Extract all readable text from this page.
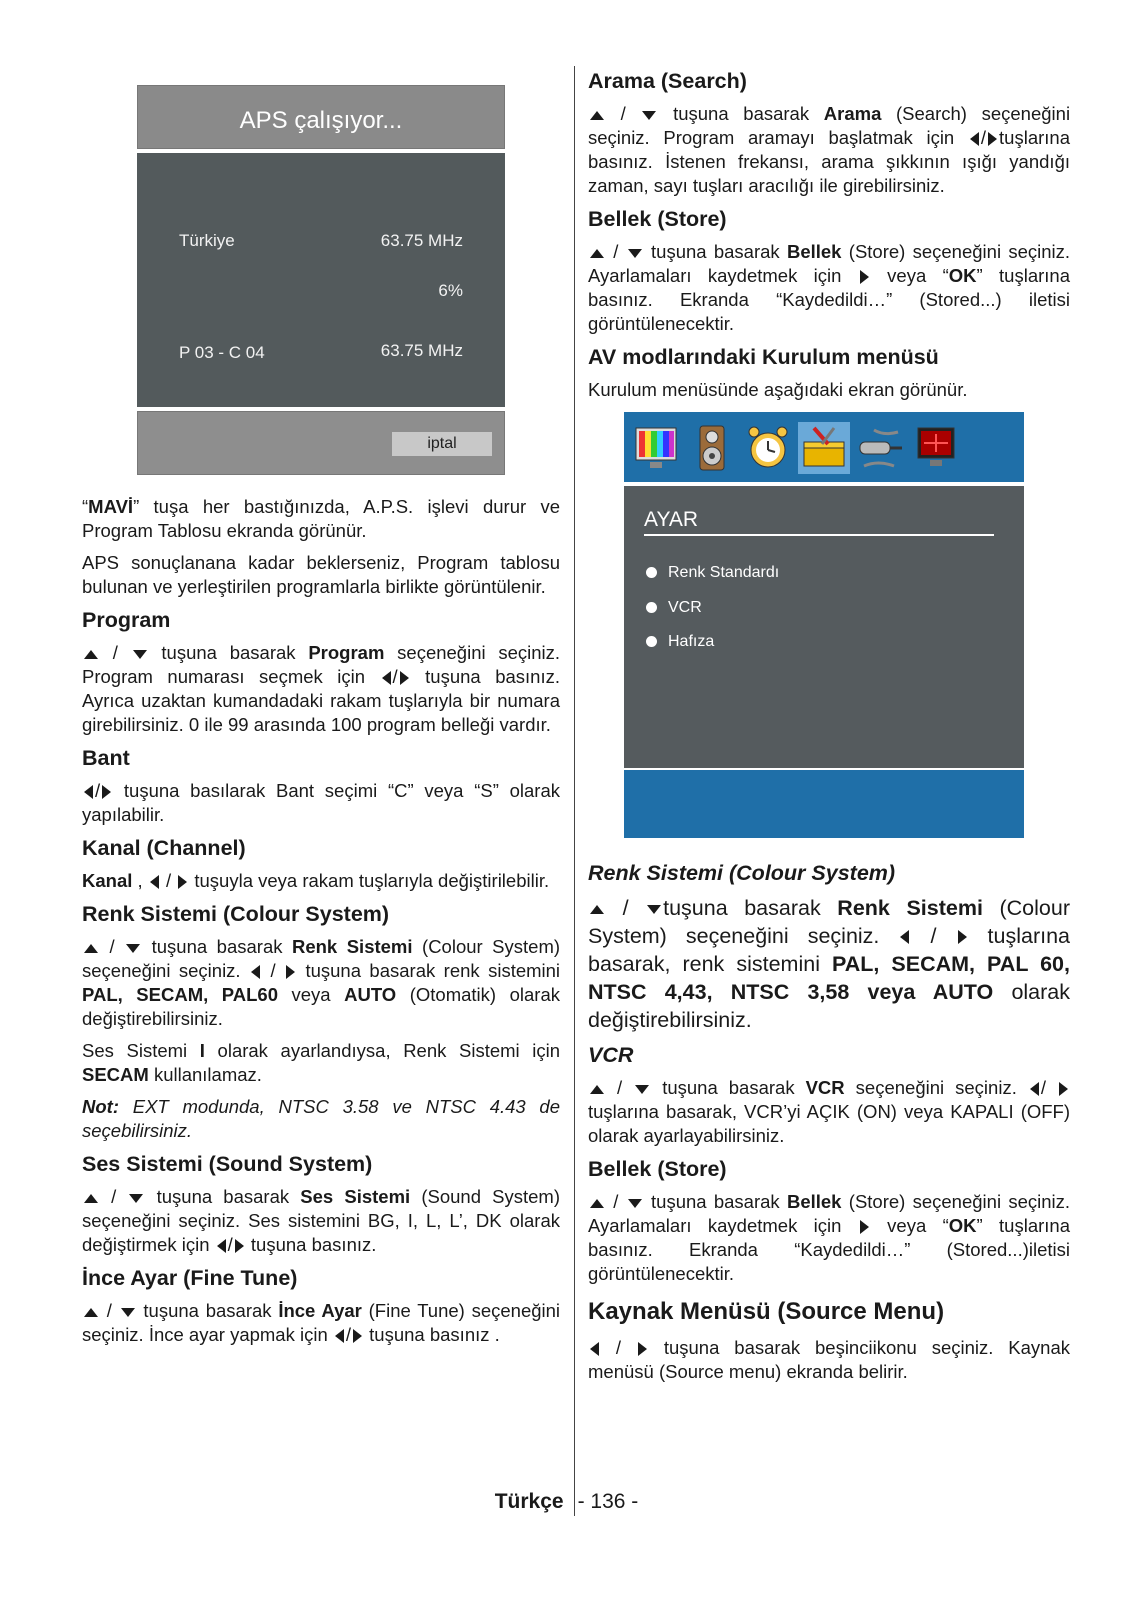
APS çalışıyor...
Türkiye	63.75 MHz
6%
P 03 - C 04	63.75 MHz
iptal

“MAVİ” tuşa her bastığınızda, A.P.S. işlevi durur ve Program Tablosu ekranda görünür.

APS sonuçlanana kadar beklerseniz, Program tablosu bulunan ve yerleştirilen programlarla birlikte görüntülenir.

Program

/  tuşuna basarak Program seçeneğini seçiniz. Program numarası seçmek için / tuşuna basınız. Ayrıca uzaktan kumandadaki rakam tuşlarıyla bir numara girebilirsiniz. 0 ile 99 arasında 100 program belleği vardır.

Bant

/ tuşuna basılarak Bant seçimi “C” veya “S” olarak yapılabilir.

Kanal (Channel)

Kanal ,  /  tuşuyla veya rakam tuşlarıyla değiştirilebilir.

Renk Sistemi (Colour System)

/  tuşuna basarak Renk Sistemi (Colour System) seçeneğini seçiniz.  /  tuşuna basarak renk sistemini PAL, SECAM, PAL60 veya AUTO (Otomatik) olarak değiştirebilirsiniz.

Ses Sistemi I olarak ayarlandıysa, Renk Sistemi için SECAM kullanılamaz.

Not: EXT modunda, NTSC 3.58 ve NTSC 4.43 de seçebilirsiniz.

Ses Sistemi (Sound System)

/  tuşuna basarak Ses Sistemi (Sound System) seçeneğini seçiniz. Ses sistemini BG, I, L, L’, DK olarak değiştirmek için / tuşuna basınız.

İnce Ayar (Fine Tune)

/  tuşuna basarak İnce Ayar (Fine Tune) seçeneğini seçiniz. İnce ayar yapmak için / tuşuna basınız .

Arama (Search)

/  tuşuna basarak Arama (Search) seçeneğini seçiniz. Program aramayı başlatmak için / tuşlarına basınız. İstenen frekansı, arama şıkkının ışığı yandığı zaman, sayı tuşları aracılığı ile girebilirsiniz.

Bellek (Store)

/  tuşuna basarak Bellek (Store) seçeneğini seçiniz. Ayarlamaları kaydetmek için veya “OK” tuşlarına basınız. Ekranda “Kaydedildi…” (Stored...) iletisi görüntülenecektir.

AV modlarındaki Kurulum menüsü

Kurulum menüsünde aşağıdaki ekran görünür.

AYAR
Renk Standardı
VCR
Hafıza
Renk Sistemi (Colour System)

/ tuşuna basarak Renk Sistemi (Colour System) seçeneğini seçiniz.  /  tuşlarına basarak, renk sistemini PAL, SECAM, PAL 60, NTSC 4,43, NTSC 3,58 veya AUTO olarak değiştirebilirsiniz.

VCR

/  tuşuna basarak VCR seçeneğini seçiniz. /  tuşlarına basarak, VCR’yi AÇIK (ON) veya KAPALI (OFF) olarak ayarlayabilirsiniz.

Bellek (Store)

/  tuşuna basarak Bellek (Store) seçeneğini seçiniz. Ayarlamaları kaydetmek için veya “OK” tuşlarına basınız. Ekranda “Kaydedildi…” (Stored...)iletisi görüntülenecektir.

Kaynak Menüsü (Source Menu)

/  tuşuna basarak beşinciikonu seçiniz. Kaynak menüsü (Source menu) ekranda belirir.

Türkçe - 136 -
